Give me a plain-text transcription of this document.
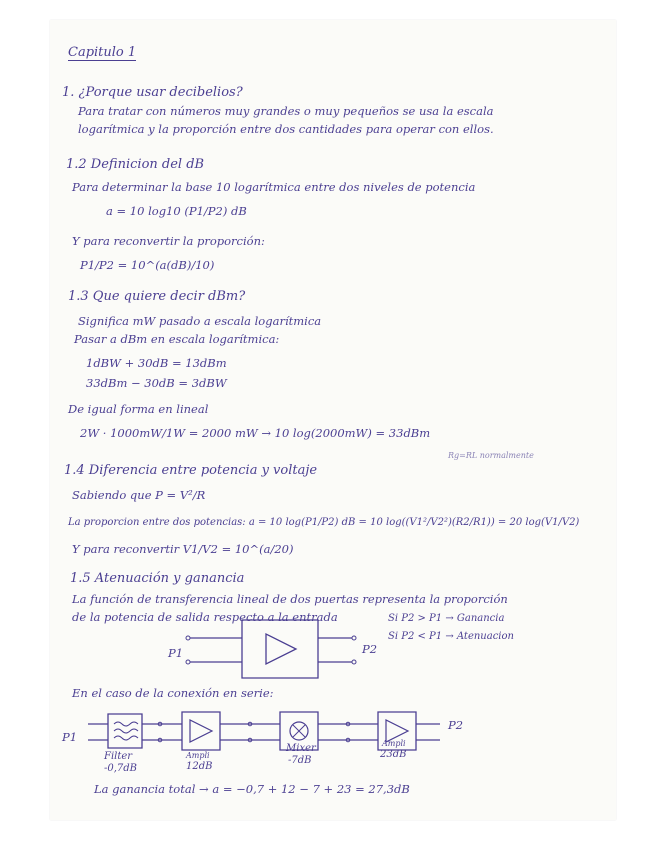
Capitulo 1
1. ¿Porque usar decibelios?
Para tratar con números muy grandes o muy pequeños se usa la escala
logarítmica y la proporción entre dos cantidades para operar con ellos.
1.2 Definicion del dB
Para determinar la base 10 logarítmica entre dos niveles de potencia
a = 10 log10 (P1/P2) dB
Y para reconvertir la proporción:
P1/P2 = 10^(a(dB)/10)
1.3 Que quiere decir dBm?
Significa mW pasado a escala logarítmica
Pasar a dBm en escala logarítmica:
1dBW + 30dB = 13dBm
33dBm − 30dB = 3dBW
De igual forma en lineal
2W · 1000mW/1W = 2000 mW → 10 log(2000mW) = 33dBm
Rg=RL normalmente
1.4 Diferencia entre potencia y voltaje
Sabiendo que P = V²/R
La proporcion entre dos potencias: a = 10 log(P1/P2) dB = 10 log((V1²/V2²)(R2/R1)) = 20 log(V1/V2)
Y para reconvertir V1/V2 = 10^(a/20)
1.5 Atenuación y ganancia
La función de transferencia lineal de dos puertas representa la proporción
de la potencia de salida respecto a la entrada	Si P2 > P1 → Ganancia
Si P2 < P1 → Atenuacion
P1	P2
En el caso de la conexión en serie:
P1
P2
Filter
-0,7dB
Ampli
12dB
Mixer
-7dB
Ampli
23dB
La ganancia total → a = −0,7 + 12 − 7 + 23 = 27,3dB
